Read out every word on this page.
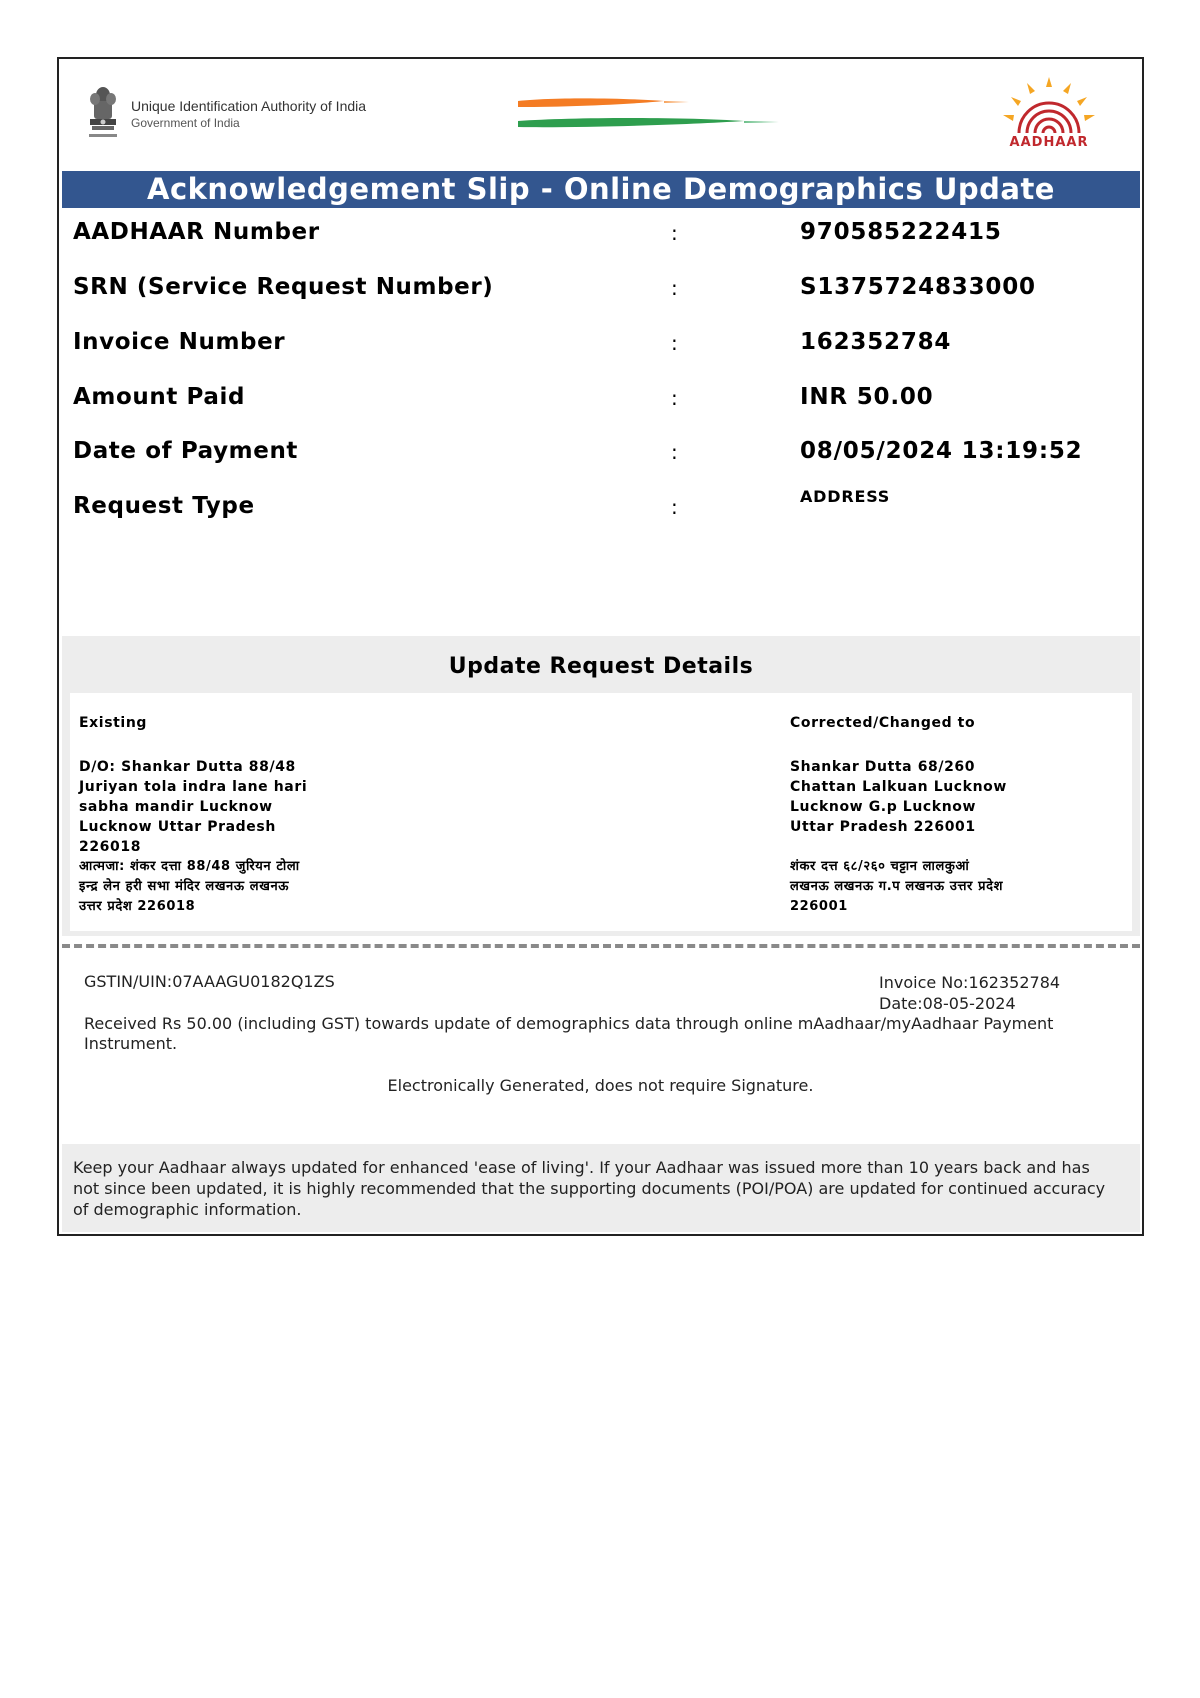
Unique Identification Authority of India
Government of India
AADHAAR
Acknowledgement Slip - Online Demographics Update
AADHAAR Number	:	970585222415
SRN (Service Request Number)	:	S1375724833000
Invoice Number	:	162352784
Amount Paid	:	INR 50.00
Date of Payment	:	08/05/2024 13:19:52
Request Type	:	ADDRESS
Update Request Details
Existing
D/O: Shankar Dutta 88/48
Juriyan tola indra lane hari
sabha mandir Lucknow
Lucknow Uttar Pradesh
226018
आत्मजा: शंकर दत्ता 88/48 जुरियन टोला
इन्द्र लेन हरी सभा मंदिर लखनऊ लखनऊ
उत्तर प्रदेश 226018
Corrected/Changed to
Shankar Dutta 68/260
Chattan Lalkuan Lucknow
Lucknow G.p Lucknow
Uttar Pradesh 226001
शंकर दत्त ६८/२६० चट्टान लालकुआं
लखनऊ लखनऊ ग.प लखनऊ उत्तर प्रदेश
226001
GSTIN/UIN:07AAAGU0182Q1ZS	Invoice No:162352784
Date:08-05-2024
Received Rs 50.00 (including GST) towards update of demographics data through online mAadhaar/myAadhaar Payment Instrument.
Electronically Generated, does not require Signature.
Keep your Aadhaar always updated for enhanced 'ease of living'. If your Aadhaar was issued more than 10 years back and has not since been updated, it is highly recommended that the supporting documents (POI/POA) are updated for continued accuracy of demographic information.
